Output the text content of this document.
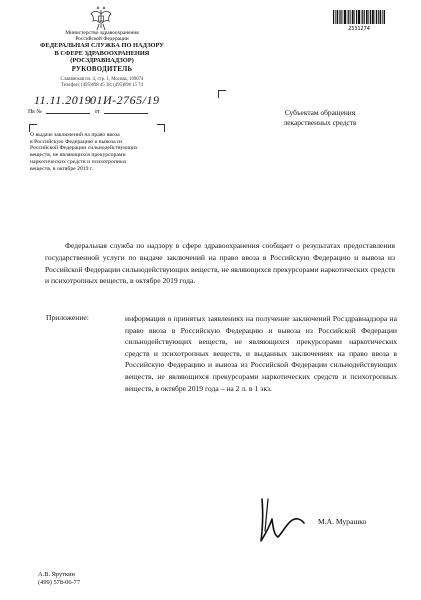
Министерство здравоохранения
Российской Федерации
ФЕДЕРАЛЬНАЯ СЛУЖБА ПО НАДЗОРУ
В СФЕРЕ ЗДРАВООХРАНЕНИЯ
(РОСЗДРАВНАДЗОР)
РУКОВОДИТЕЛЬ
Славянская пл. 4, стр. 1, Москва, 109074
Телефон: (495)698 45 38; (495)698 15 74
11.11.2019
01И-2765/19
На №	от
О выдаче заключений на право ввоза
в Российскую Федерацию и вывоза из
Российской Федерации сильнодействующих
веществ, не являющихся прекурсорами
наркотических средств и психотропных
веществ, в октябре 2019 г.
2331274
Субъектам обращения
лекарственных средств
Федеральная служба по надзору в сфере здравоохранения сообщает о результатах предоставления государственной услуги по выдаче заключений на право ввоза в Российскую Федерацию и вывоза из Российской Федерации сильнодействующих веществ, не являющихся прекурсорами наркотических средств и психотропных веществ, в октябре 2019 года.
Приложение:	информация о принятых заявлениях на получение заключений Росздравнадзора на право ввоза в Российскую Федерацию и вывоза из Российской Федерации сильнодействующих веществ, не являющихся прекурсорами наркотических средств и психотропных веществ, и выданных заключениях на право ввоза в Российскую Федерацию и вывоза из Российской Федерации сильнодействующих веществ, не являющихся прекурсорами наркотических средств и психотропных веществ, в октябре 2019 года – на 2 л. в 1 экз.
М.А. Мурашко
А.В. Яруткин
(499) 578-06-77
